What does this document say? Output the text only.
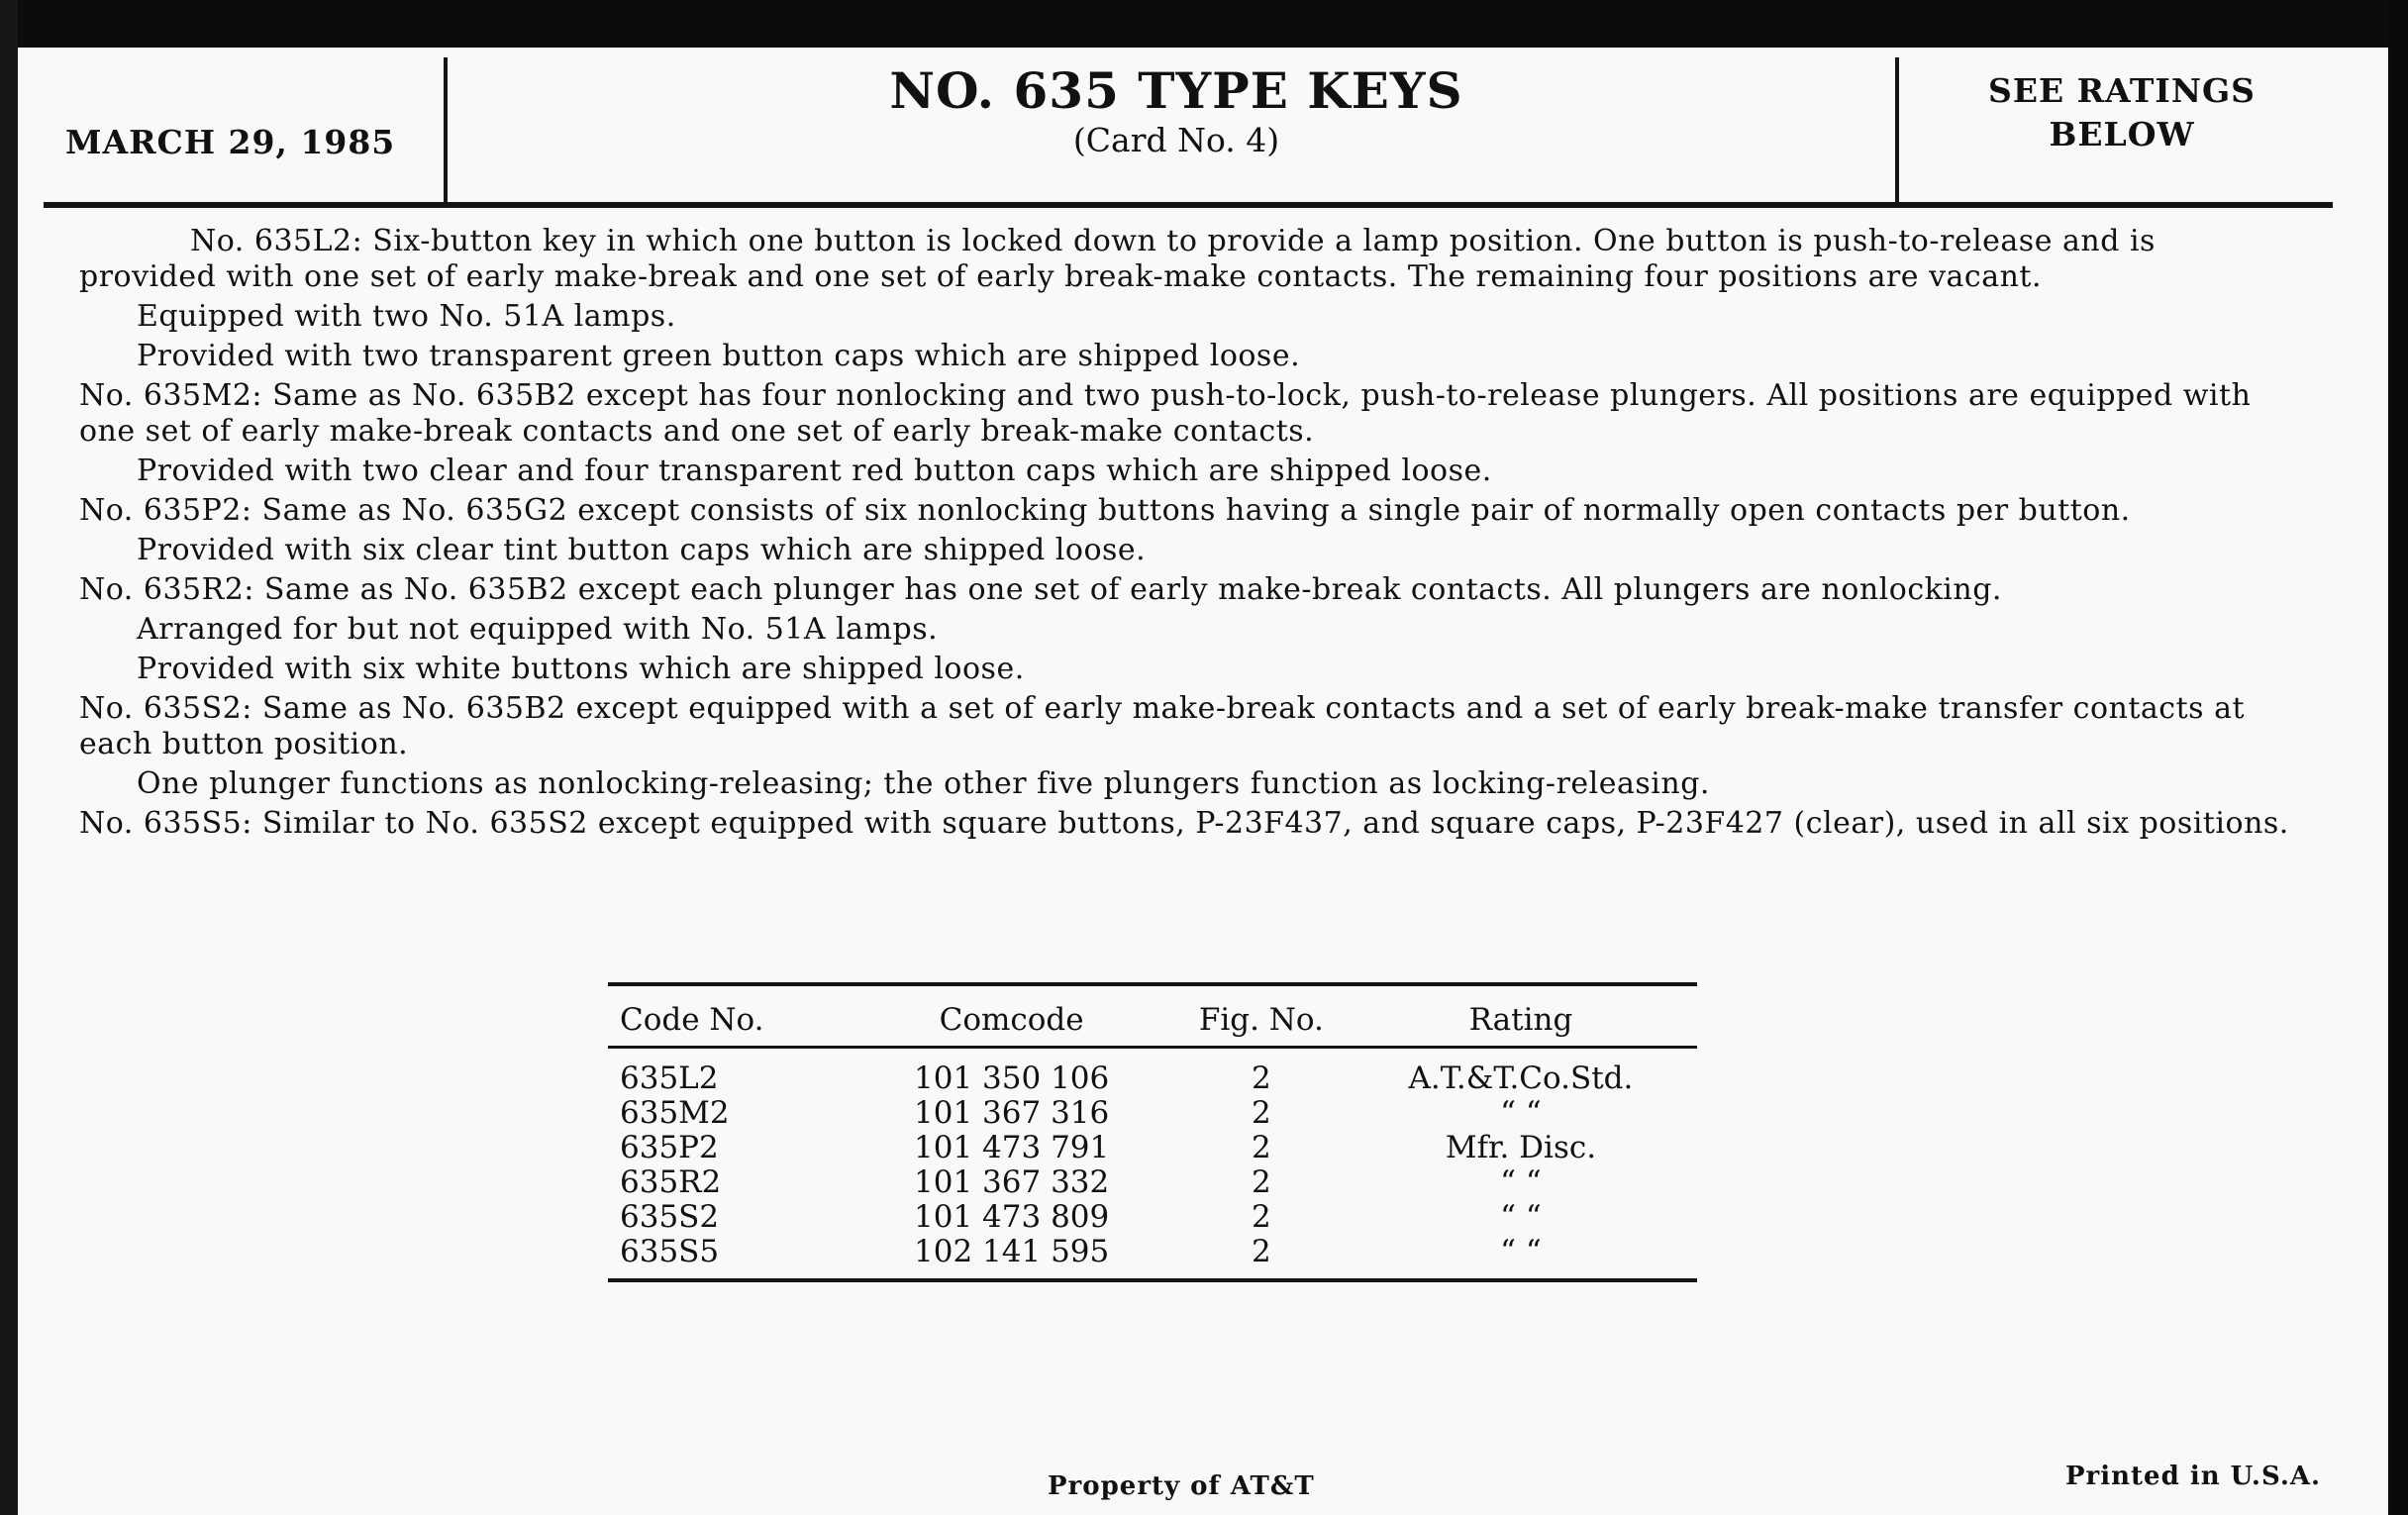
MARCH 29, 1985
NO. 635 TYPE KEYS
(Card No. 4)
SEE RATINGS
BELOW
No. 635L2: Six-button key in which one button is locked down to provide a lamp position. One button is push-to-release and is provided with one set of early make-break and one set of early break-make contacts. The remaining four positions are vacant.
Equipped with two No. 51A lamps.
Provided with two transparent green button caps which are shipped loose.
No. 635M2: Same as No. 635B2 except has four nonlocking and two push-to-lock, push-to-release plungers. All positions are equipped with one set of early make-break contacts and one set of early break-make contacts.
Provided with two clear and four transparent red button caps which are shipped loose.
No. 635P2: Same as No. 635G2 except consists of six nonlocking buttons having a single pair of normally open contacts per button.
Provided with six clear tint button caps which are shipped loose.
No. 635R2: Same as No. 635B2 except each plunger has one set of early make-break contacts. All plungers are nonlocking.
Arranged for but not equipped with No. 51A lamps.
Provided with six white buttons which are shipped loose.
No. 635S2: Same as No. 635B2 except equipped with a set of early make-break contacts and a set of early break-make transfer contacts at each button position.
One plunger functions as nonlocking-releasing; the other five plungers function as locking-releasing.
No. 635S5: Similar to No. 635S2 except equipped with square buttons, P-23F437, and square caps, P-23F427 (clear), used in all six positions.
Code No.	Comcode	Fig. No.	Rating
635L2	101 350 106	2	A.T.&T.Co.Std.
635M2	101 367 316	2	“ “
635P2	101 473 791	2	Mfr. Disc.
635R2	101 367 332	2	“ “
635S2	101 473 809	2	“ “
635S5	102 141 595	2	“ “
Property of AT&T	Printed in U.S.A.
